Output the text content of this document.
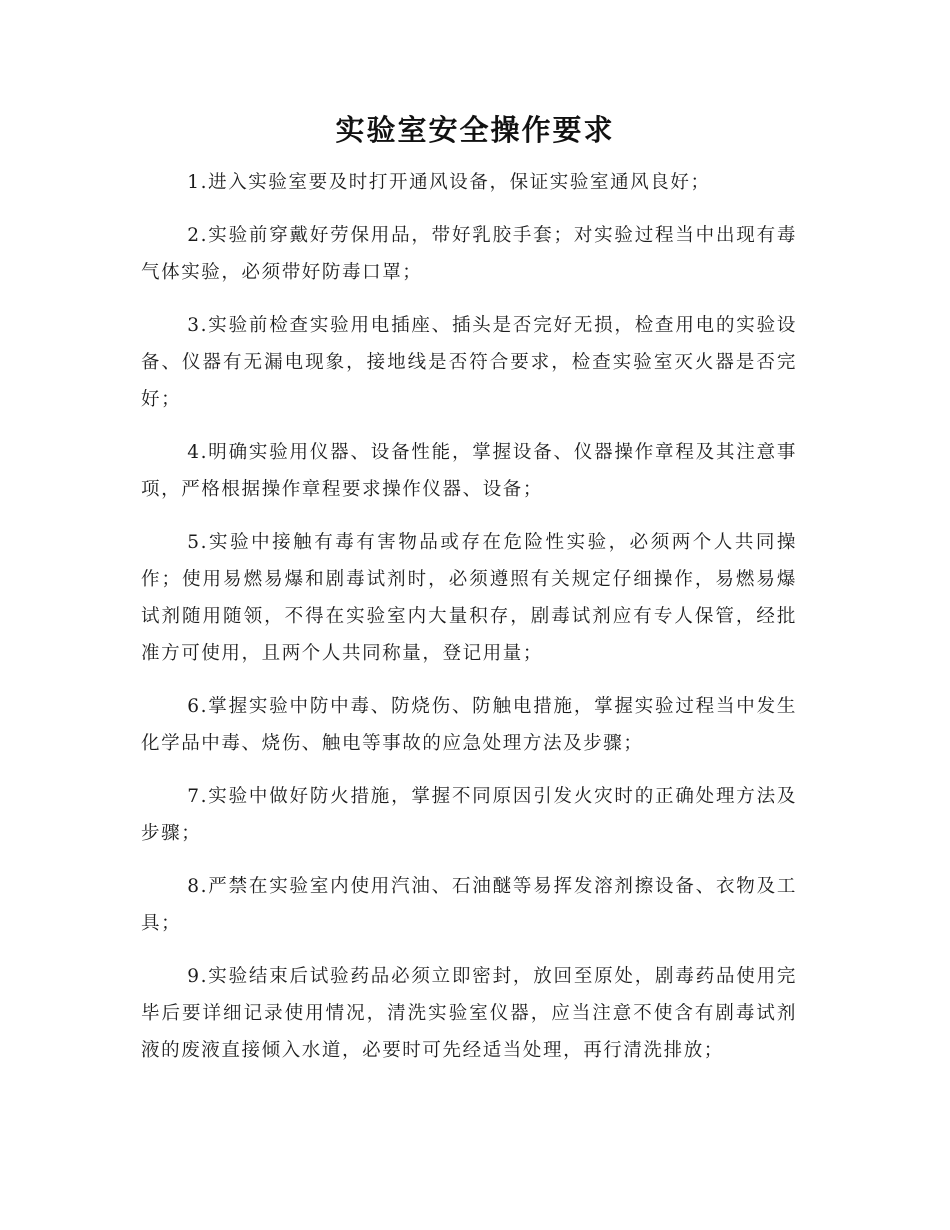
实验室安全操作要求

1.进入实验室要及时打开通风设备，保证实验室通风良好；

2.实验前穿戴好劳保用品，带好乳胶手套；对实验过程当中出现有毒气体实验，必须带好防毒口罩；

3.实验前检查实验用电插座、插头是否完好无损，检查用电的实验设备、仪器有无漏电现象，接地线是否符合要求，检查实验室灭火器是否完好；

4.明确实验用仪器、设备性能，掌握设备、仪器操作章程及其注意事项，严格根据操作章程要求操作仪器、设备；

5.实验中接触有毒有害物品或存在危险性实验，必须两个人共同操作；使用易燃易爆和剧毒试剂时，必须遵照有关规定仔细操作，易燃易爆试剂随用随领，不得在实验室内大量积存，剧毒试剂应有专人保管，经批准方可使用，且两个人共同称量，登记用量；

6.掌握实验中防中毒、防烧伤、防触电措施，掌握实验过程当中发生化学品中毒、烧伤、触电等事故的应急处理方法及步骤；

7.实验中做好防火措施，掌握不同原因引发火灾时的正确处理方法及步骤；

8.严禁在实验室内使用汽油、石油醚等易挥发溶剂擦设备、衣物及工具；

9.实验结束后试验药品必须立即密封，放回至原处，剧毒药品使用完毕后要详细记录使用情况，清洗实验室仪器，应当注意不使含有剧毒试剂液的废液直接倾入水道，必要时可先经适当处理，再行清洗排放；
